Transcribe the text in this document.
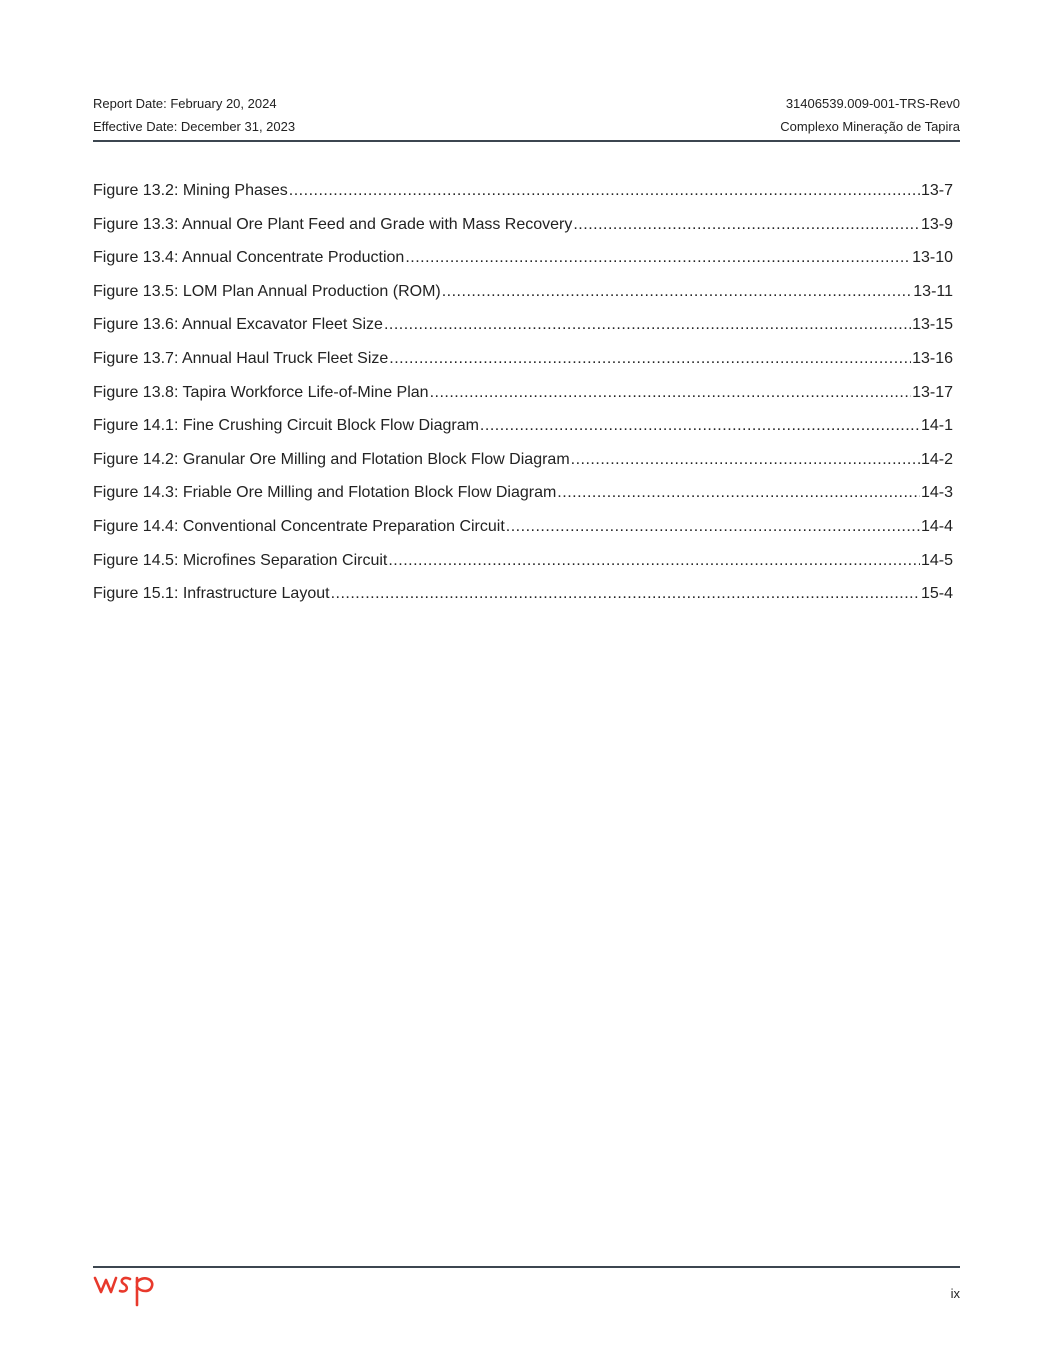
Report Date: February 20, 2024	31406539.009-001-TRS-Rev0
Effective Date: December 31, 2023	Complexo Mineração de Tapira
Figure 13.2: Mining Phases .....	13-7
Figure 13.3: Annual Ore Plant Feed and Grade with Mass Recovery .....	13-9
Figure 13.4: Annual Concentrate Production .....	13-10
Figure 13.5: LOM Plan Annual Production (ROM) .....	13-11
Figure 13.6: Annual Excavator Fleet Size .....	13-15
Figure 13.7: Annual Haul Truck Fleet Size .....	13-16
Figure 13.8: Tapira Workforce Life-of-Mine Plan .....	13-17
Figure 14.1: Fine Crushing Circuit Block Flow Diagram .....	14-1
Figure 14.2: Granular Ore Milling and Flotation Block Flow Diagram .....	14-2
Figure 14.3: Friable Ore Milling and Flotation Block Flow Diagram .....	14-3
Figure 14.4: Conventional Concentrate Preparation Circuit .....	14-4
Figure 14.5: Microfines Separation Circuit .....	14-5
Figure 15.1: Infrastructure Layout .....	15-4
ix
